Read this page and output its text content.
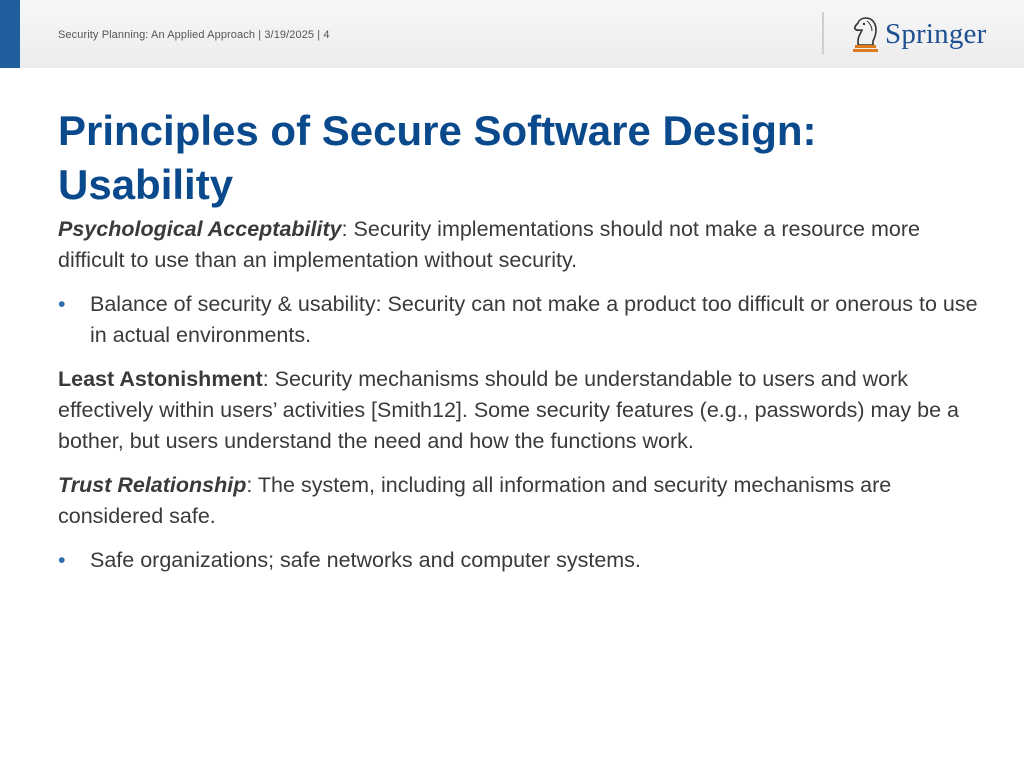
Security Planning: An Applied Approach | 3/19/2025 | 4	Springer
Principles of Secure Software Design: Usability

Psychological Acceptability: Security implementations should not make a resource more difficult to use than an implementation without security.

• Balance of security & usability: Security can not make a product too difficult or onerous to use in actual environments.

Least Astonishment: Security mechanisms should be understandable to users and work effectively within users’ activities [Smith12]. Some security features (e.g., passwords) may be a bother, but users understand the need and how the functions work.

Trust Relationship: The system, including all information and security mechanisms are considered safe.

• Safe organizations; safe networks and computer systems.
